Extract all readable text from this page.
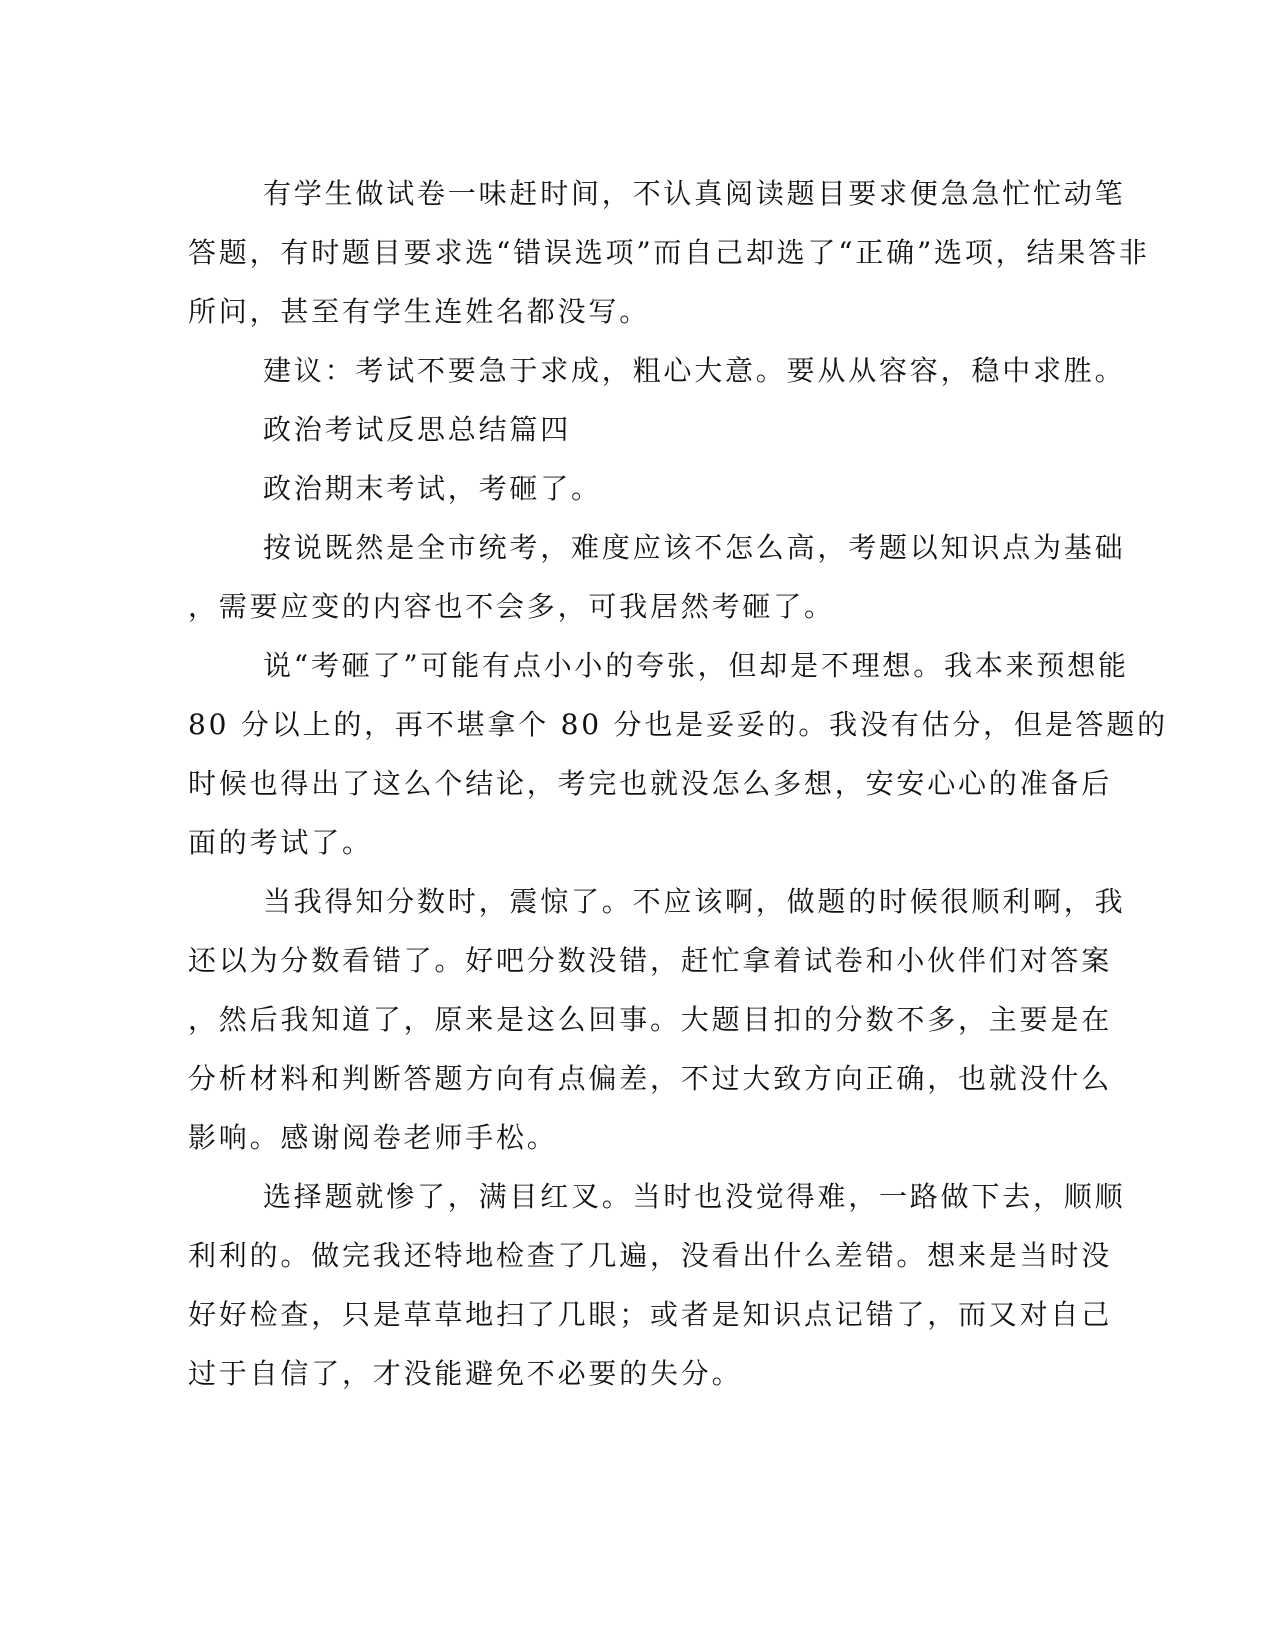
有学生做试卷一味赶时间，不认真阅读题目要求便急急忙忙动笔
答题，有时题目要求选“错误选项”而自己却选了“正确”选项，结果答非
所问，甚至有学生连姓名都没写。
建议：考试不要急于求成，粗心大意。要从从容容，稳中求胜。
政治考试反思总结篇四
政治期末考试，考砸了。
按说既然是全市统考，难度应该不怎么高，考题以知识点为基础
，需要应变的内容也不会多，可我居然考砸了。
说“考砸了”可能有点小小的夸张，但却是不理想。我本来预想能
80 分以上的，再不堪拿个 80 分也是妥妥的。我没有估分，但是答题的
时候也得出了这么个结论，考完也就没怎么多想，安安心心的准备后
面的考试了。
当我得知分数时，震惊了。不应该啊，做题的时候很顺利啊，我
还以为分数看错了。好吧分数没错，赶忙拿着试卷和小伙伴们对答案
，然后我知道了，原来是这么回事。大题目扣的分数不多，主要是在
分析材料和判断答题方向有点偏差，不过大致方向正确，也就没什么
影响。感谢阅卷老师手松。
选择题就惨了，满目红叉。当时也没觉得难，一路做下去，顺顺
利利的。做完我还特地检查了几遍，没看出什么差错。想来是当时没
好好检查，只是草草地扫了几眼；或者是知识点记错了，而又对自己
过于自信了，才没能避免不必要的失分。
